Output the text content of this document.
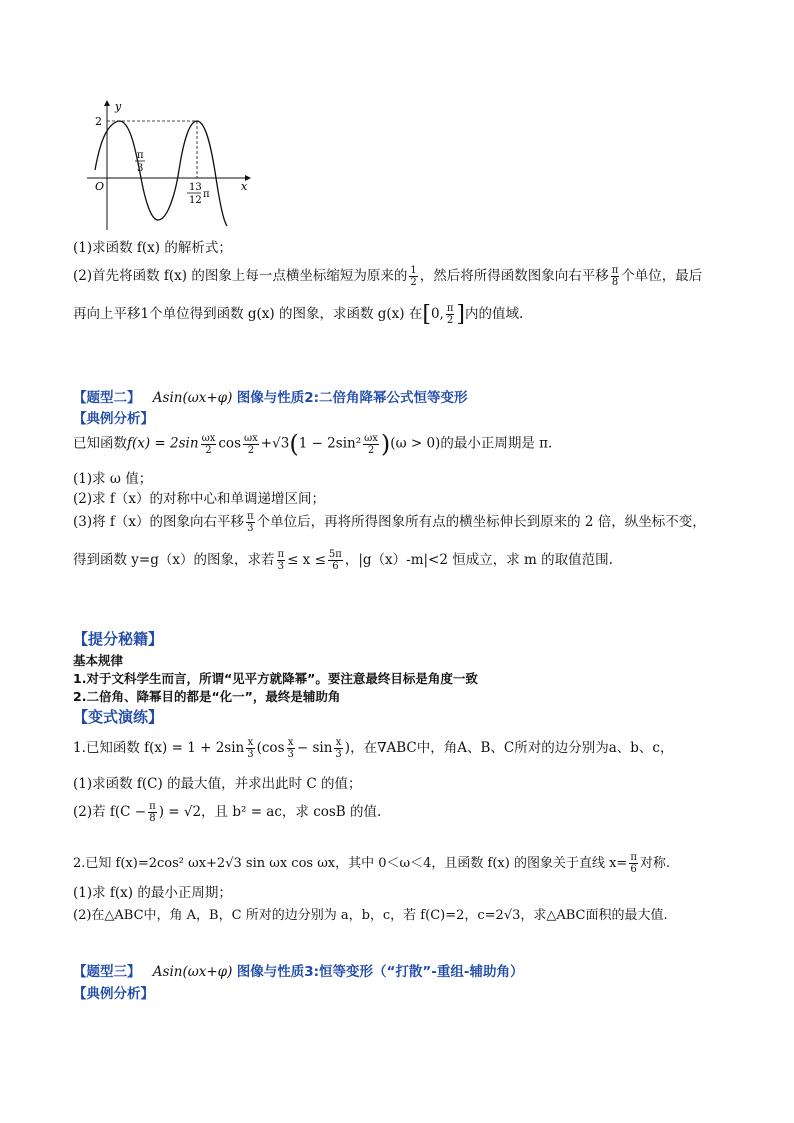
y
x
O
2
π
3
13
12
π
(1)求函数 f(x) 的解析式；
(2)首先将函数 f(x) 的图象上每一点横坐标缩短为原来的 $\frac{1}{2}$ ，然后将所得函数图象向右平移 $\frac{\pi}{8}$ 个单位，最后
再向上平移1个单位得到函数 g(x) 的图象，求函数 g(x) 在[0, $\frac{\pi}{2}$ ]内的值域.
【题型二】 Asin(ωx+φ) 图像与性质2:二倍角降幂公式恒等变形
【典例分析】
已知函数$f(x) = 2\sin \frac{\omega x}{2}$ $\cos \frac{\omega x}{2} +√3(1 - 2\sin^2 \frac{\omega x}{2} )(\omega > 0)$的最小正周期是 π.
(1)求 ω 值；
(2)求 f（x）的对称中心和单调递增区间；
(3)将 f（x）的图象向右平移 $\frac{\pi}{3}$ 个单位后，再将所得图象所有点的横坐标伸长到原来的 2 倍，纵坐标不变，
得到函数 y=g（x）的图象，求若 $\frac{\pi}{3} \le x \le \frac{5\pi}{6}$ ，|g（x）-m|<2 恒成立，求 m 的取值范围.
【提分秘籍】
基本规律
1.对于文科学生而言，所谓“见平方就降幂”。要注意最终目标是角度一致
2.二倍角、降幂目的都是“化一”，最终是辅助角
【变式演练】
1.已知函数 $f(x) = 1 + 2\sin \frac{x}{3} (\cos \frac{x}{3} - \sin \frac{x}{3}$ )，在∇ABC中，角A、B、C所对的边分别为a、b、c，
(1)求函数 f(C) 的最大值，并求出此时 C 的值；
(2)若 $f(C - \frac{\pi}{8}$ ) = √2，且 b² = ac，求 cosB 的值.
2.已知 f(x)=2cos² ωx+2√3 sin ωx cos ωx，其中 0＜ω＜4，且函数 f(x) 的图象关于直线 $x= \frac{\pi}{6}$ 对称.
(1)求 f(x) 的最小正周期；
(2)在△ABC中，角 A，B，C 所对的边分别为 a，b，c，若 f(C)=2，c=2√3，求△ABC面积的最大值.
【题型三】 Asin(ωx+φ) 图像与性质3:恒等变形（“打散”-重组-辅助角）
【典例分析】
